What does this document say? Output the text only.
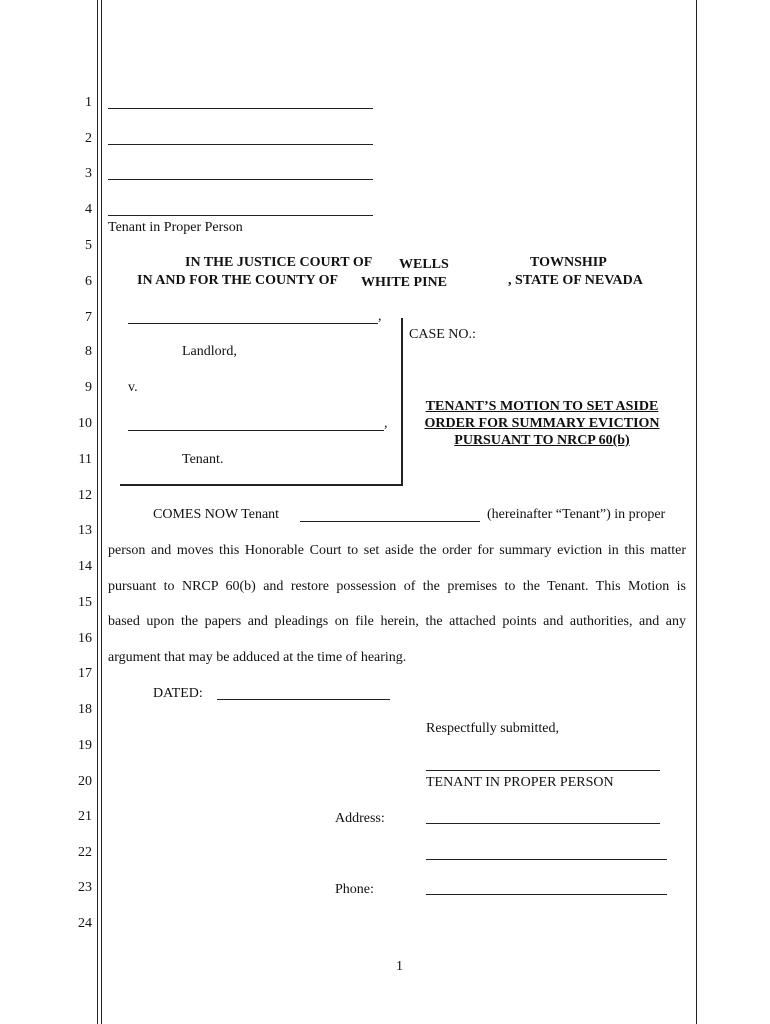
1
2
3
4
5
6
7
8
9
10
11
12
13
14
15
16
17
18
19
20
21
22
23
24
Tenant in Proper Person
IN THE JUSTICE COURT OF WELLS	TOWNSHIP
IN AND FOR THE COUNTY OF WHITE PINE	, STATE OF NEVADA
,
Landlord,
v.
,
Tenant.
CASE NO.:
TENANT’S MOTION TO SET ASIDE
ORDER FOR SUMMARY EVICTION
PURSUANT TO NRCP 60(b)
COMES NOW Tenant	(hereinafter “Tenant”) in proper
person and moves this Honorable Court to set aside the order for summary eviction in this matter
pursuant to NRCP 60(b) and restore possession of the premises to the Tenant. This Motion is
based upon the papers and pleadings on file herein, the attached points and authorities, and any
argument that may be adduced at the time of hearing.
DATED:
Respectfully submitted,
TENANT IN PROPER PERSON
Address:
Phone:
1
